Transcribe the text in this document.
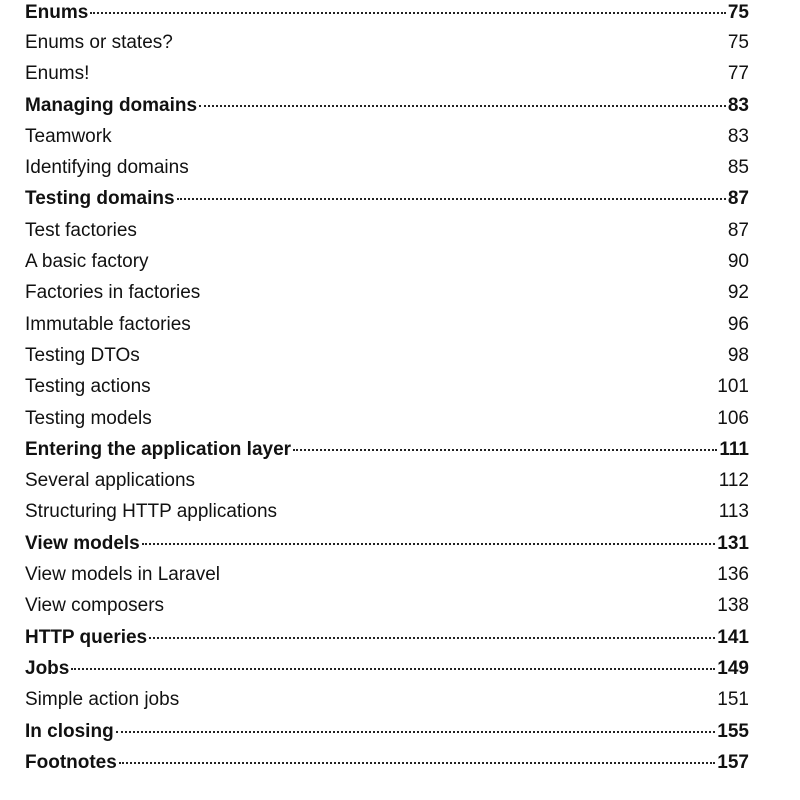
Enums	75
Enums or states?	75
Enums!	77
Managing domains	83
Teamwork	83
Identifying domains	85
Testing domains	87
Test factories	87
A basic factory	90
Factories in factories	92
Immutable factories	96
Testing DTOs	98
Testing actions	101
Testing models	106
Entering the application layer	111
Several applications	112
Structuring HTTP applications	113
View models	131
View models in Laravel	136
View composers	138
HTTP queries	141
Jobs	149
Simple action jobs	151
In closing	155
Footnotes	157
